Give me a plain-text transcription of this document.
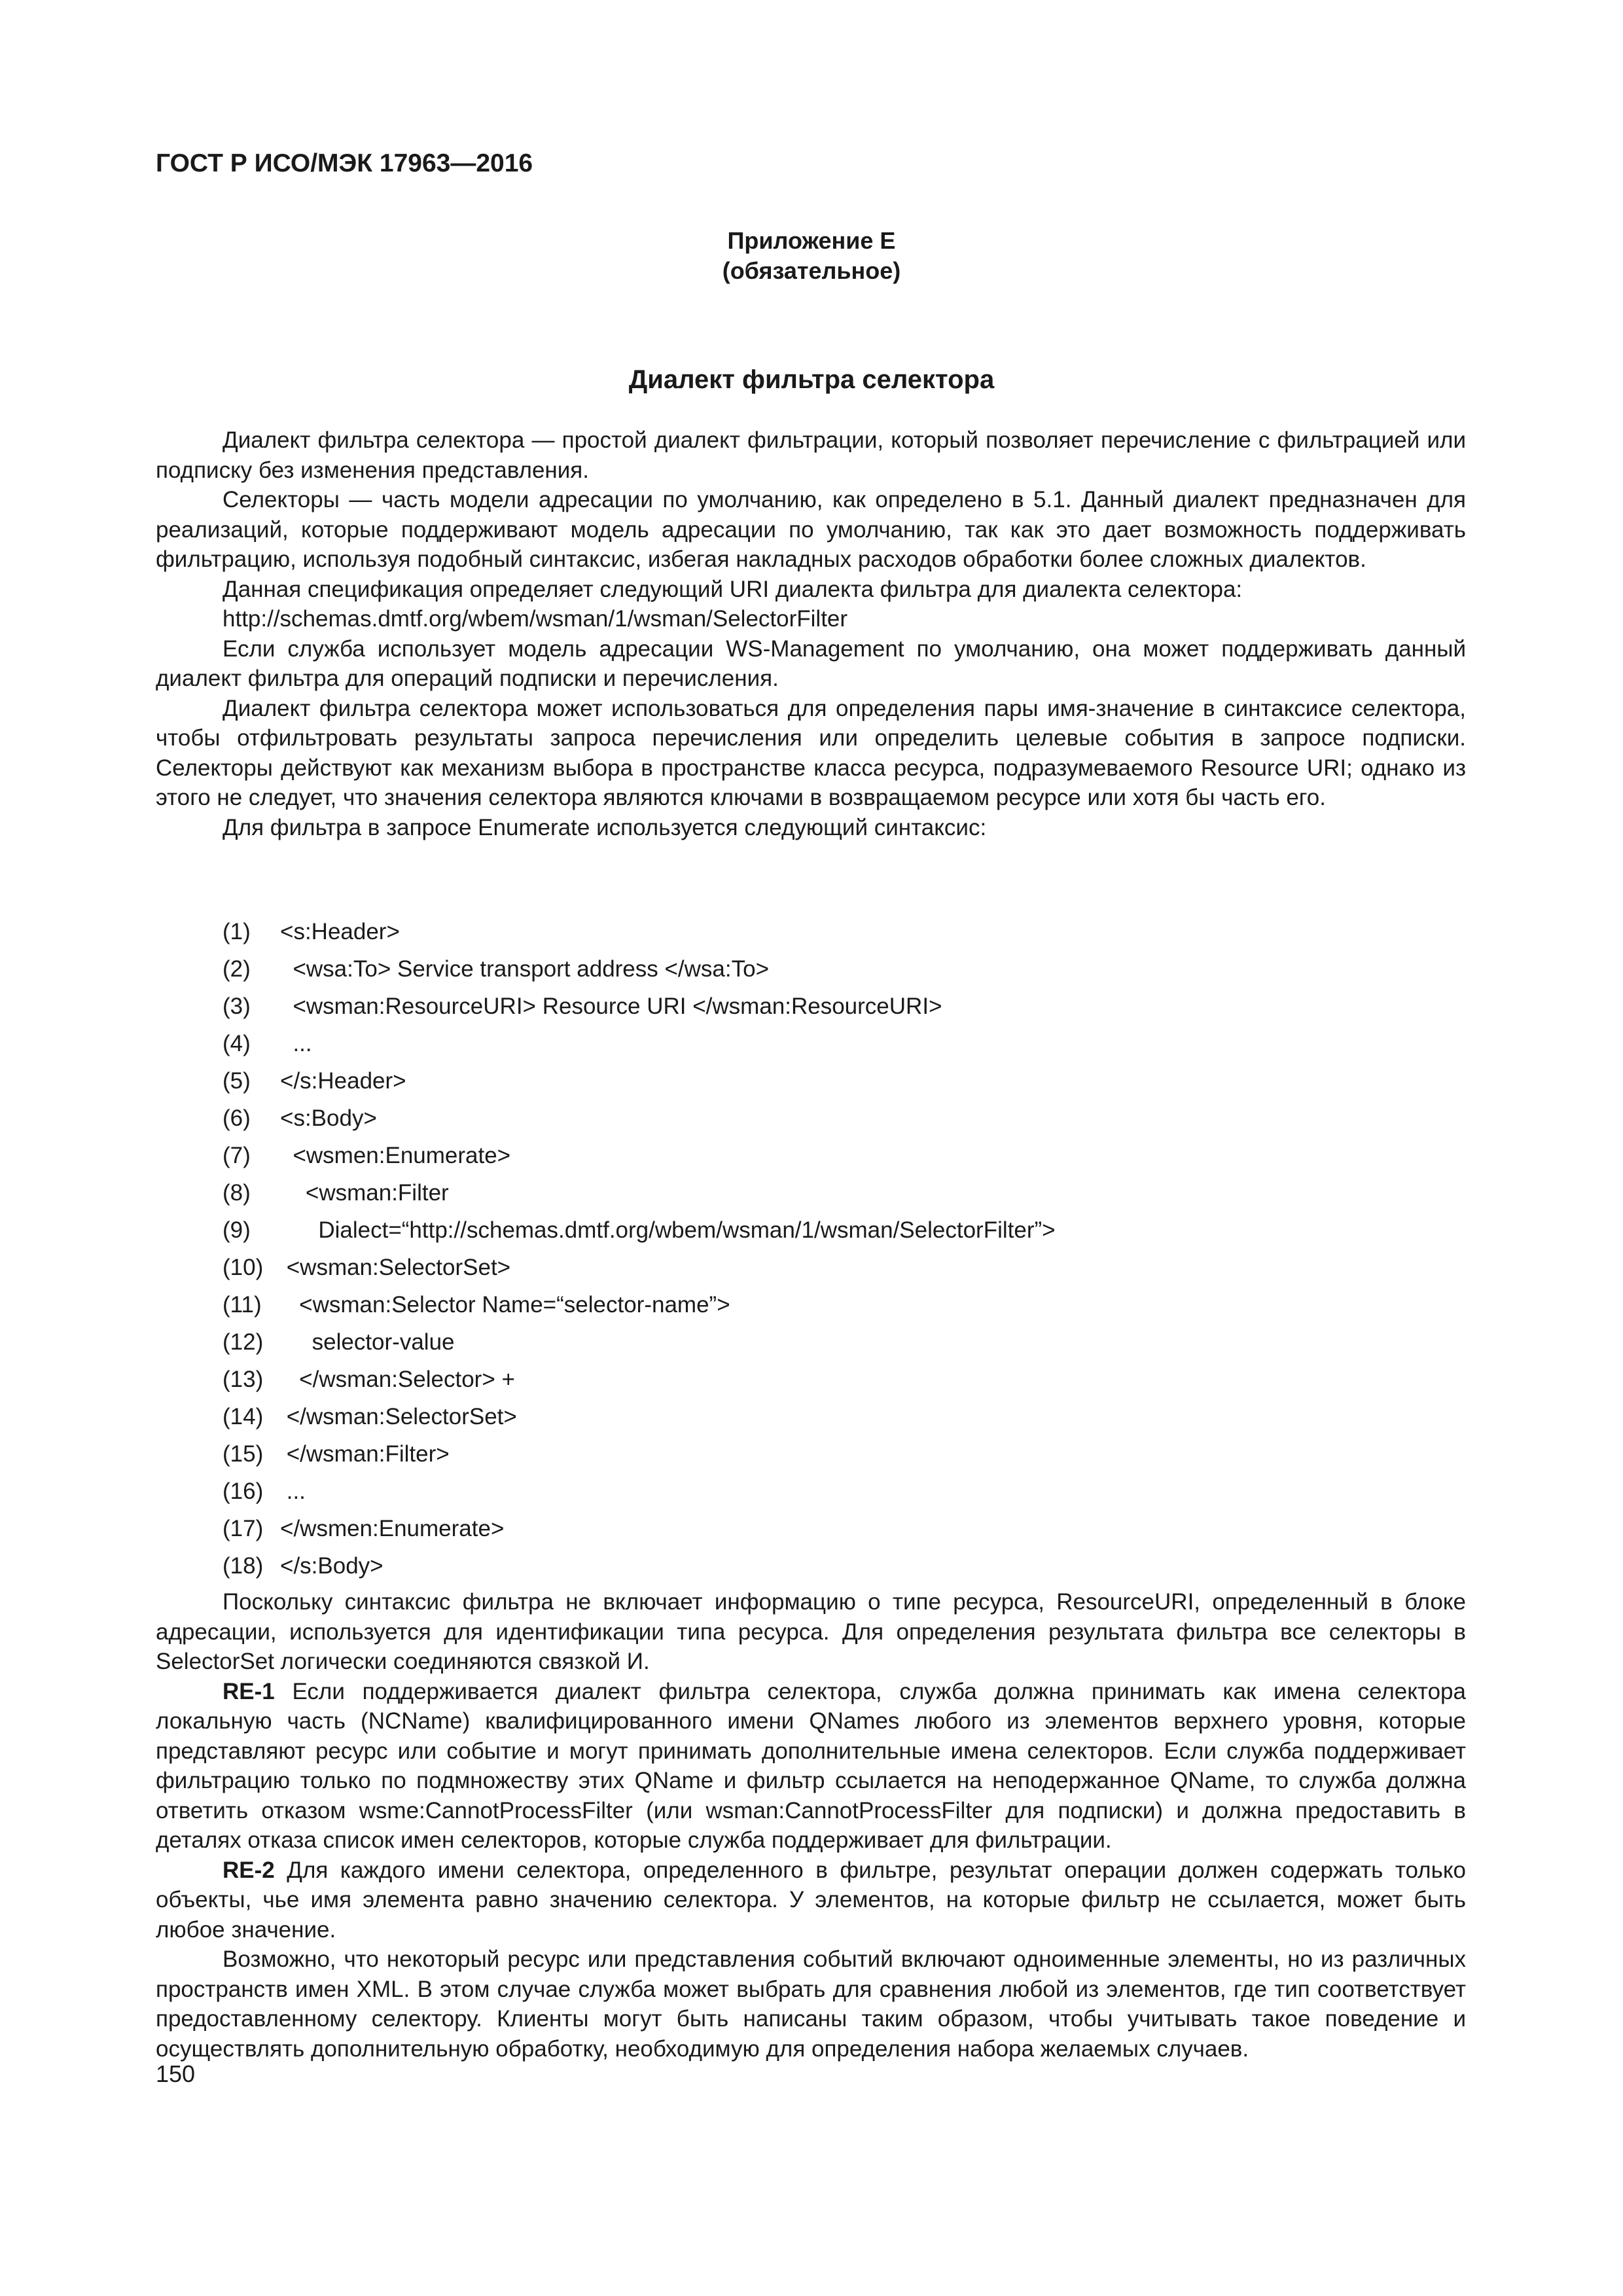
ГОСТ Р ИСО/МЭК 17963—2016
Приложение Е
(обязательное)
Диалект фильтра селектора

Диалект фильтра селектора — простой диалект фильтрации, который позволяет перечисление с фильтрацией или подписку без изменения представления.

Селекторы — часть модели адресации по умолчанию, как определено в 5.1. Данный диалект предназначен для реализаций, которые поддерживают модель адресации по умолчанию, так как это дает возможность поддерживать фильтрацию, используя подобный синтаксис, избегая накладных расходов обработки более сложных диалектов.

Данная спецификация определяет следующий URI диалекта фильтра для диалекта селектора:

http://schemas.dmtf.org/wbem/wsman/1/wsman/SelectorFilter

Если служба использует модель адресации WS-Management по умолчанию, она может поддерживать данный диалект фильтра для операций подписки и перечисления.

Диалект фильтра селектора может использоваться для определения пары имя-значение в синтаксисе селектора, чтобы отфильтровать результаты запроса перечисления или определить целевые события в запросе подписки. Селекторы действуют как механизм выбора в пространстве класса ресурса, подразумеваемого Resource URI; однако из этого не следует, что значения селектора являются ключами в возвращаемом ресурсе или хотя бы часть его.

Для фильтра в запросе Enumerate используется следующий синтаксис:

(1) <s:Header>
(2)  <wsa:To> Service transport address </wsa:To>
(3)  <wsman:ResourceURI> Resource URI </wsman:ResourceURI>
(4)  ...
(5) </s:Header>
(6) <s:Body>
(7)  <wsmen:Enumerate>
(8)    <wsman:Filter
(9)      Dialect=“http://schemas.dmtf.org/wbem/wsman/1/wsman/SelectorFilter”>
(10) <wsman:SelectorSet>
(11)   <wsman:Selector Name=“selector-name”>
(12)     selector-value
(13)   </wsman:Selector> +
(14) </wsman:SelectorSet>
(15) </wsman:Filter>
(16) ...
(17) </wsmen:Enumerate>
(18) </s:Body>

Поскольку синтаксис фильтра не включает информацию о типе ресурса, ResourceURI, определенный в блоке адресации, используется для идентификации типа ресурса. Для определения результата фильтра все селекторы в SelectorSet логически соединяются связкой И.

RE-1 Если поддерживается диалект фильтра селектора, служба должна принимать как имена селектора локальную часть (NCName) квалифицированного имени QNames любого из элементов верхнего уровня, которые представляют ресурс или событие и могут принимать дополнительные имена селекторов. Если служба поддерживает фильтрацию только по подмножеству этих QName и фильтр ссылается на неподержанное QName, то служба должна ответить отказом wsme:CannotProcessFilter (или wsman:CannotProcessFilter для подписки) и должна предоставить в деталях отказа список имен селекторов, которые служба поддерживает для фильтрации.

RE-2 Для каждого имени селектора, определенного в фильтре, результат операции должен содержать только объекты, чье имя элемента равно значению селектора. У элементов, на которые фильтр не ссылается, может быть любое значение.

Возможно, что некоторый ресурс или представления событий включают одноименные элементы, но из различных пространств имен XML. В этом случае служба может выбрать для сравнения любой из элементов, где тип соответствует предоставленному селектору. Клиенты могут быть написаны таким образом, чтобы учитывать такое поведение и осуществлять дополнительную обработку, необходимую для определения набора желаемых случаев.

150
